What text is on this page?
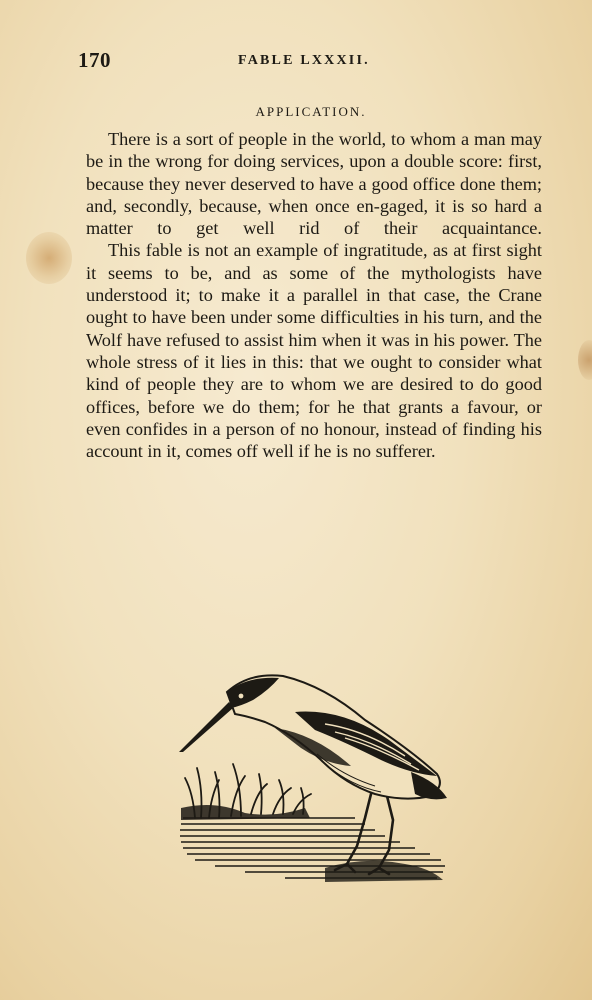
170	FABLE LXXXII.
APPLICATION.

There is a sort of people in the world, to whom a man may be in the wrong for doing services, upon a double score: first, because they never deserved to have a good office done them; and, secondly, because, when once en-gaged, it is so hard a matter to get well rid of their acquaintance.

This fable is not an example of ingratitude, as at first sight it seems to be, and as some of the mythologists have understood it; to make it a parallel in that case, the Crane ought to have been under some difficulties in his turn, and the Wolf have refused to assist him when it was in his power. The whole stress of it lies in this: that we ought to consider what kind of people they are to whom we are desired to do good offices, before we do them; for he that grants a favour, or even confides in a person of no honour, instead of finding his account in it, comes off well if he is no sufferer.
